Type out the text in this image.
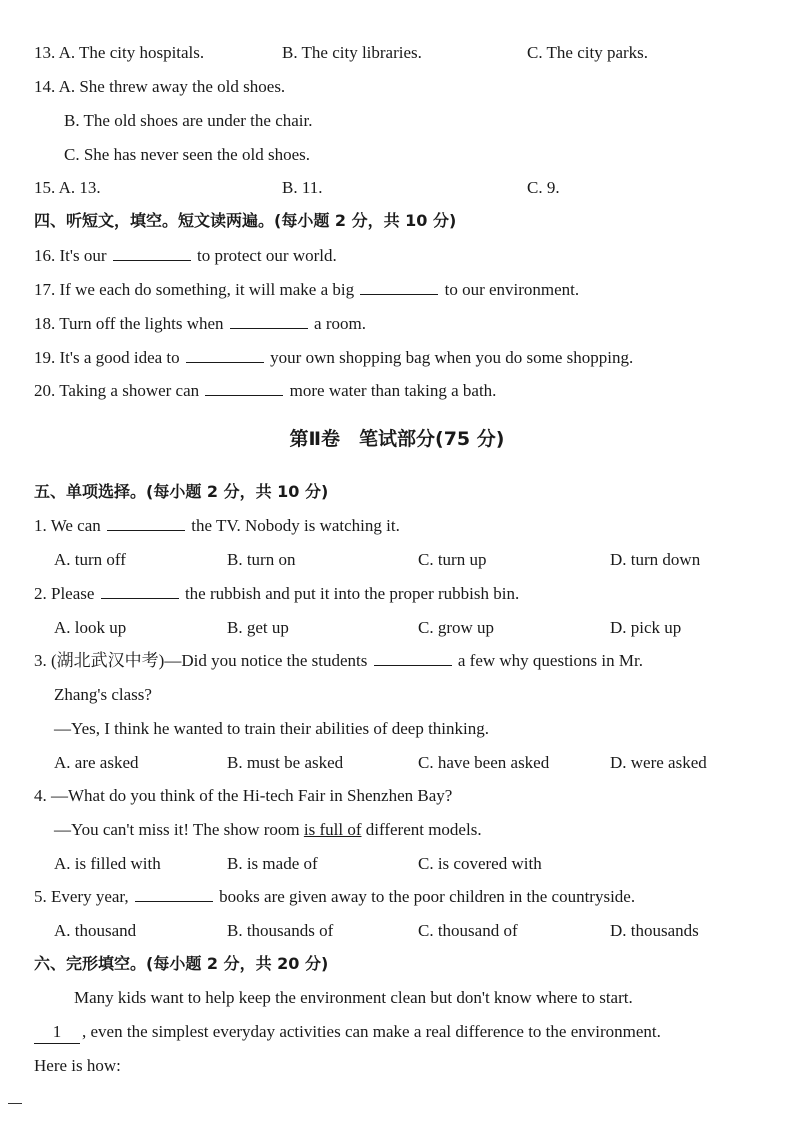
13. A. The city hospitals.	B. The city libraries.	C. The city parks.
14. A. She threw away the old shoes.
B. The old shoes are under the chair.
C. She has never seen the old shoes.
15. A. 13.	B. 11.	C. 9.
四、听短文，填空。短文读两遍。(每小题 2 分，共 10 分)
16. It's our	to protect our world.
17. If we each do something, it will make a big	to our environment.
18. Turn off the lights when	a room.
19. It's a good idea to	your own shopping bag when you do some shopping.
20. Taking a shower can	more water than taking a bath.
第Ⅱ卷　笔试部分(75 分)
五、单项选择。(每小题 2 分，共 10 分)
1. We can	the TV. Nobody is watching it.
A. turn off	B. turn on	C. turn up	D. turn down
2. Please	the rubbish and put it into the proper rubbish bin.
A. look up	B. get up	C. grow up	D. pick up
3. (湖北武汉中考)—Did you notice the students	a few why questions in Mr.
Zhang's class?
—Yes, I think he wanted to train their abilities of deep thinking.
A. are asked	B. must be asked	C. have been asked	D. were asked
4. —What do you think of the Hi-tech Fair in Shenzhen Bay?
—You can't miss it! The show room is full of different models.
A. is filled with	B. is made of	C. is covered with
5. Every year,	books are given away to the poor children in the countryside.
A. thousand	B. thousands of	C. thousand of	D. thousands
六、完形填空。(每小题 2 分，共 20 分)
Many kids want to help keep the environment clean but don't know where to start.
1 , even the simplest everyday activities can make a real difference to the environment.
Here is how:
